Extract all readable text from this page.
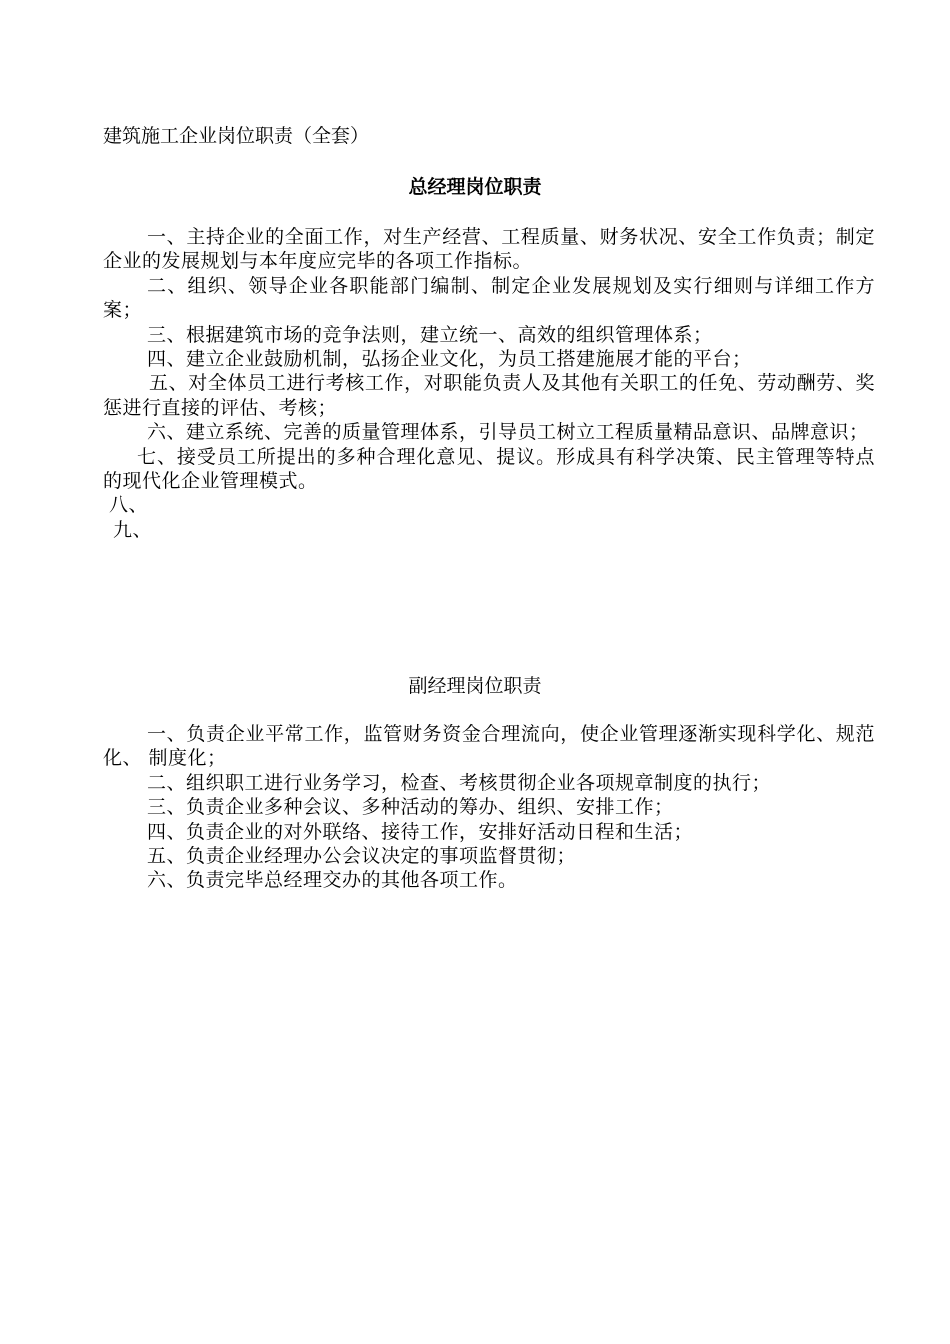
建筑施工企业岗位职责（全套）
总经理岗位职责

一、主持企业的全面工作，对生产经营、工程质量、财务状况、安全工作负责；制定企业的发展规划与本年度应完毕的各项工作指标。

二、组织、领导企业各职能部门编制、制定企业发展规划及实行细则与详细工作方案；

三、根据建筑市场的竞争法则，建立统一、高效的组织管理体系；

四、建立企业鼓励机制，弘扬企业文化，为员工搭建施展才能的平台；

五、对全体员工进行考核工作，对职能负责人及其他有关职工的任免、劳动酬劳、奖惩进行直接的评估、考核；

六、建立系统、完善的质量管理体系，引导员工树立工程质量精品意识、品牌意识；

七、接受员工所提出的多种合理化意见、提议。形成具有科学决策、民主管理等特点的现代化企业管理模式。

八、

九、

副经理岗位职责

一、负责企业平常工作，监管财务资金合理流向，使企业管理逐渐实现科学化、规范化、 制度化；

二、组织职工进行业务学习，检查、考核贯彻企业各项规章制度的执行；

三、负责企业多种会议、多种活动的筹办、组织、安排工作；

四、负责企业的对外联络、接待工作，安排好活动日程和生活；

五、负责企业经理办公会议决定的事项监督贯彻；

六、负责完毕总经理交办的其他各项工作。
